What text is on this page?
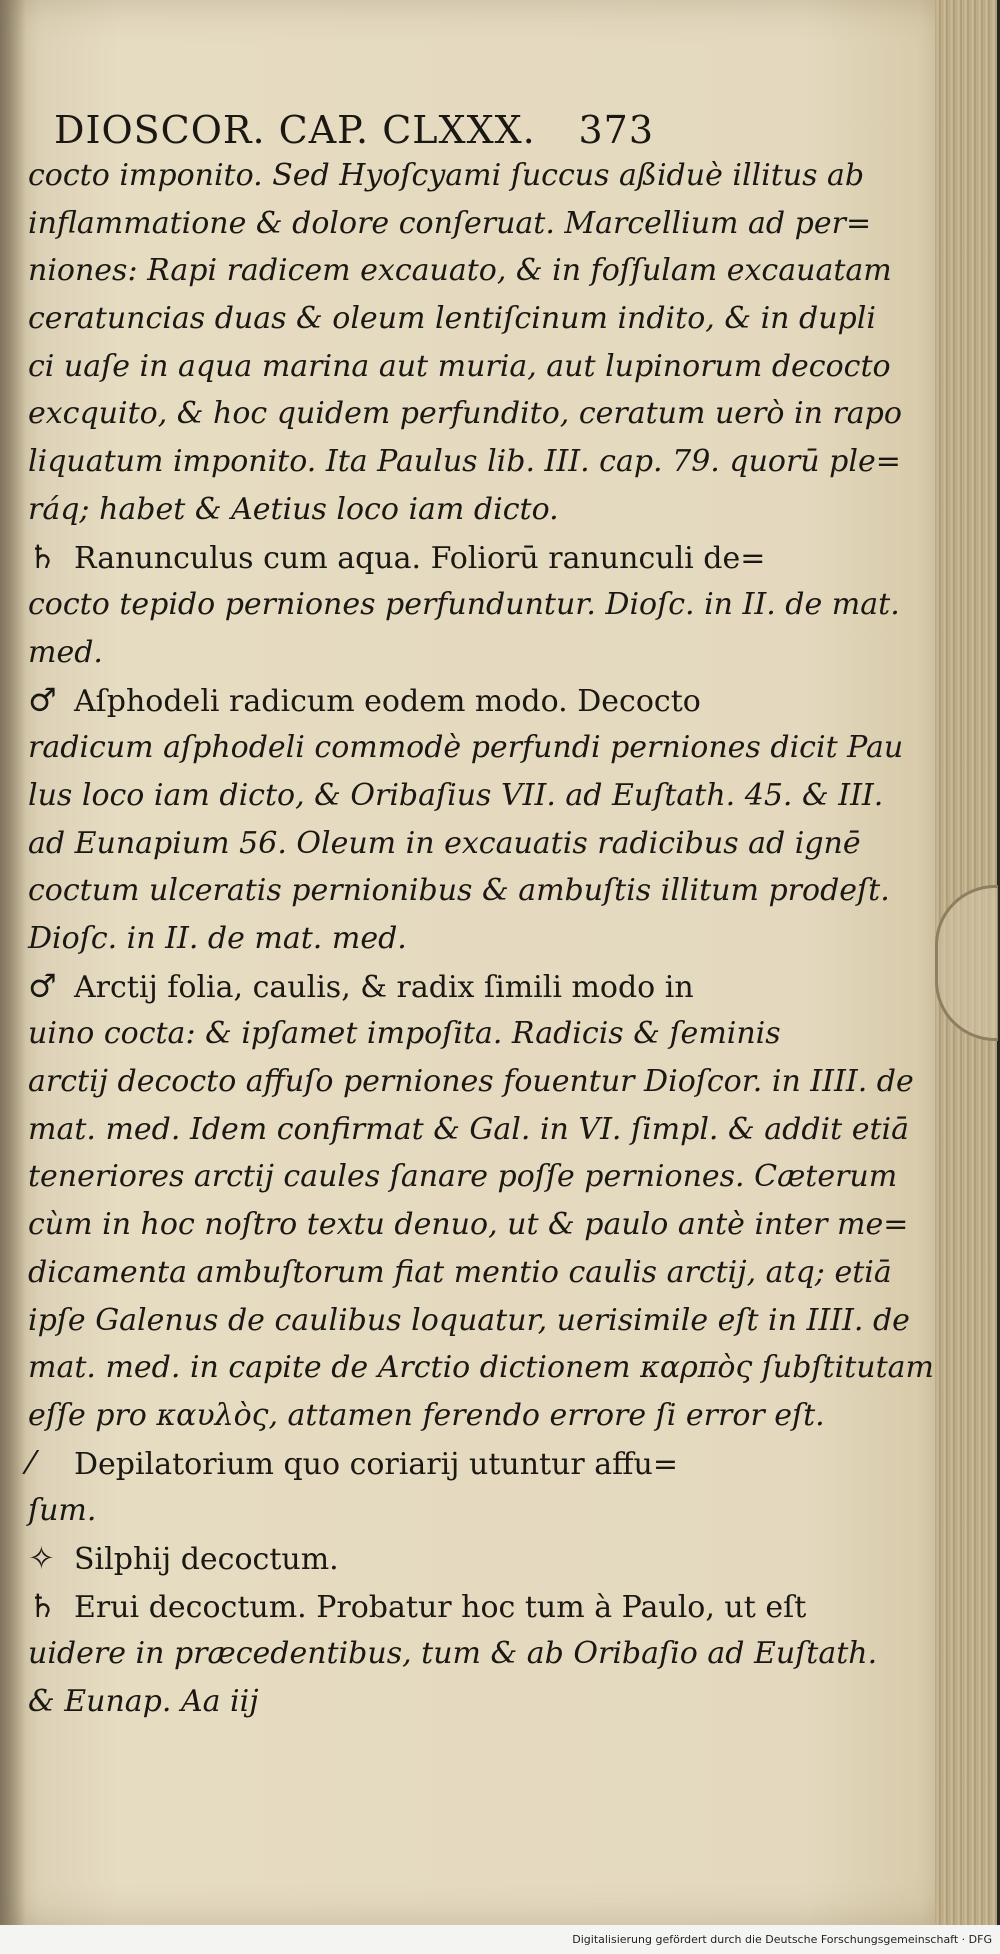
DIOSCOR. CAP. CLXXX. 373
cocto imponito. Sed Hyoſcyami ſuccus aßiduè illitus ab
inflammatione & dolore conſeruat. Marcellium ad per=
niones: Rapi radicem excauato, & in foſſulam excauatam
ceratuncias duas & oleum lentiſcinum indito, & in dupli
ci uaſe in aqua marina aut muria, aut lupinorum decocto
excquito, & hoc quidem perfundito, ceratum uerò in rapo
liquatum imponito. Ita Paulus lib. III. cap. 79. quorū ple=
ráq; habet & Aetius loco iam dicto.
♄ Ranunculus cum aqua. Foliorū ranunculi de=
cocto tepido perniones perfunduntur. Dioſc. in II. de mat.
med.
♂ Aſphodeli radicum eodem modo. Decocto
radicum aſphodeli commodè perfundi perniones dicit Pau
lus loco iam dicto, & Oribaſius VII. ad Euſtath. 45. & III.
ad Eunapium 56. Oleum in excauatis radicibus ad ignē
coctum ulceratis pernionibus & ambuſtis illitum prodeſt.
Dioſc. in II. de mat. med.
♂ Arctij folia, caulis, & radix ſimili modo in
uino cocta: & ipſamet impoſita. Radicis & ſeminis
arctij decocto affuſo perniones fouentur Dioſcor. in IIII. de
mat. med. Idem confirmat & Gal. in VI. ſimpl. & addit etiā
teneriores arctij caules ſanare poſſe perniones. Cæterum
cùm in hoc noſtro textu denuo, ut & paulo antè inter me=
dicamenta ambuſtorum fiat mentio caulis arctij, atq; etiā
ipſe Galenus de caulibus loquatur, uerisimile eſt in IIII. de
mat. med. in capite de Arctio dictionem καρπὸς ſubſtitutam
eſſe pro καυλὸς, attamen ferendo errore ſi error eſt.
⁄ Depilatorium quo coriarij utuntur affu=
ſum.
✧ Silphij decoctum.
♄ Erui decoctum. Probatur hoc tum à Paulo, ut eſt
uidere in præcedentibus, tum & ab Oribaſio ad Euſtath.
& Eunap. Aa iij
Digitalisierung gefördert durch die Deutsche Forschungsgemeinschaft · DFG
